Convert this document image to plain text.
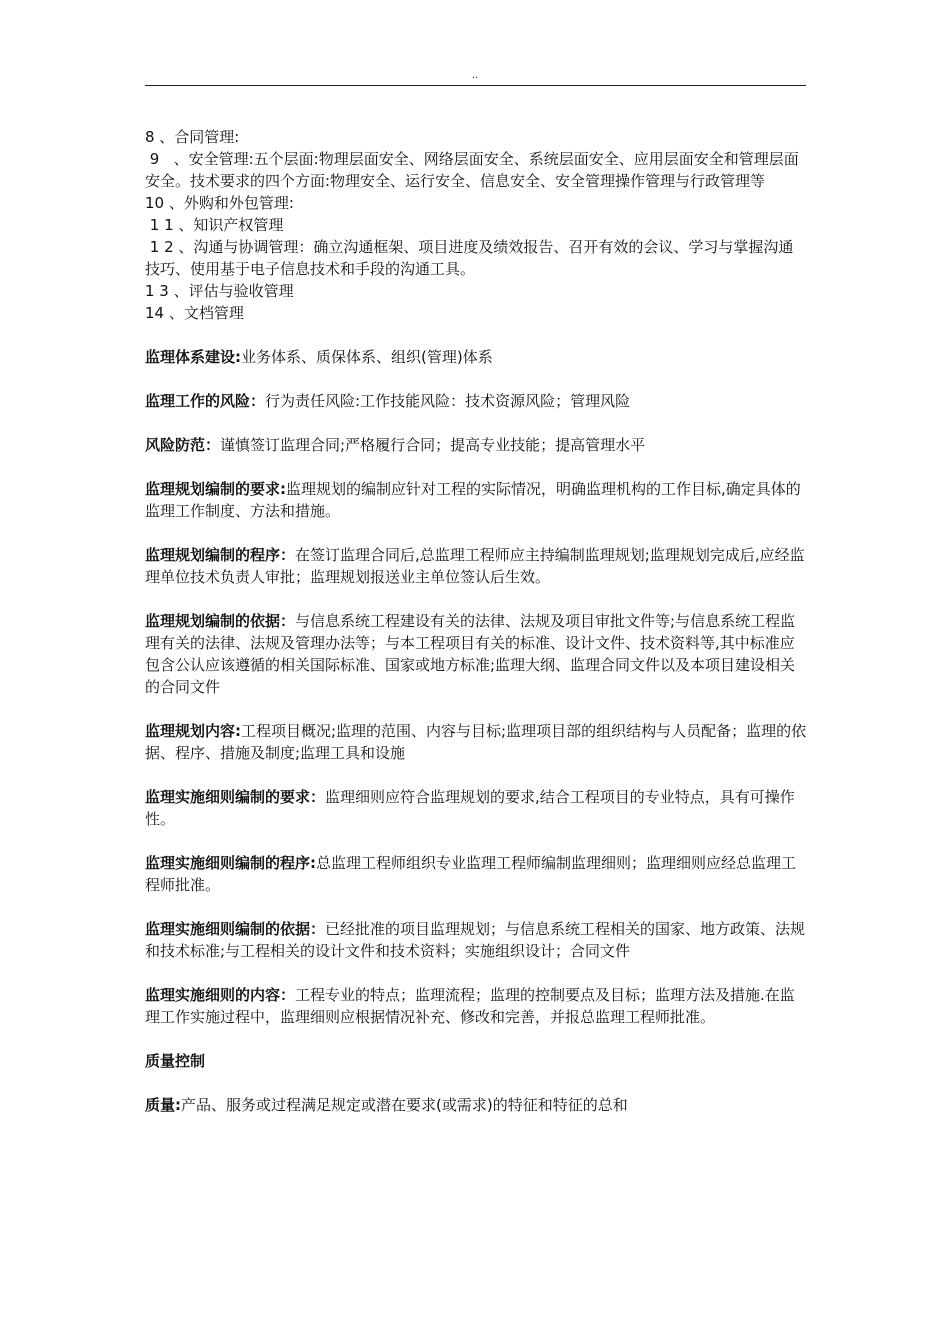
..

8 、合同管理:

9   、安全管理:五个层面:物理层面安全、网络层面安全、系统层面安全、应用层面安全和管理层面安全。技术要求的四个方面:物理安全、运行安全、信息安全、安全管理操作管理与行政管理等

10 、外购和外包管理:

1 1 、知识产权管理

1 2 、沟通与协调管理：确立沟通框架、项目进度及绩效报告、召开有效的会议、学习与掌握沟通技巧、使用基于电子信息技术和手段的沟通工具。

1 3 、评估与验收管理

14 、文档管理

监理体系建设:业务体系、质保体系、组织(管理)体系

监理工作的风险：行为责任风险:工作技能风险：技术资源风险；管理风险

风险防范：谨慎签订监理合同;严格履行合同；提高专业技能；提高管理水平

监理规划编制的要求:监理规划的编制应针对工程的实际情况，明确监理机构的工作目标,确定具体的监理工作制度、方法和措施。

监理规划编制的程序：在签订监理合同后,总监理工程师应主持编制监理规划;监理规划完成后,应经监理单位技术负责人审批；监理规划报送业主单位签认后生效。

监理规划编制的依据：与信息系统工程建设有关的法律、法规及项目审批文件等;与信息系统工程监理有关的法律、法规及管理办法等；与本工程项目有关的标准、设计文件、技术资料等,其中标准应包含公认应该遵循的相关国际标准、国家或地方标准;监理大纲、监理合同文件以及本项目建设相关的合同文件

监理规划内容:工程项目概况;监理的范围、内容与目标;监理项目部的组织结构与人员配备；监理的依据、程序、措施及制度;监理工具和设施

监理实施细则编制的要求：监理细则应符合监理规划的要求,结合工程项目的专业特点，具有可操作性。

监理实施细则编制的程序:总监理工程师组织专业监理工程师编制监理细则；监理细则应经总监理工程师批准。

监理实施细则编制的依据：已经批准的项目监理规划；与信息系统工程相关的国家、地方政策、法规和技术标准;与工程相关的设计文件和技术资料；实施组织设计；合同文件

监理实施细则的内容：工程专业的特点；监理流程；监理的控制要点及目标；监理方法及措施.在监理工作实施过程中，监理细则应根据情况补充、修改和完善，并报总监理工程师批准。

质量控制

质量:产品、服务或过程满足规定或潜在要求(或需求)的特征和特征的总和
